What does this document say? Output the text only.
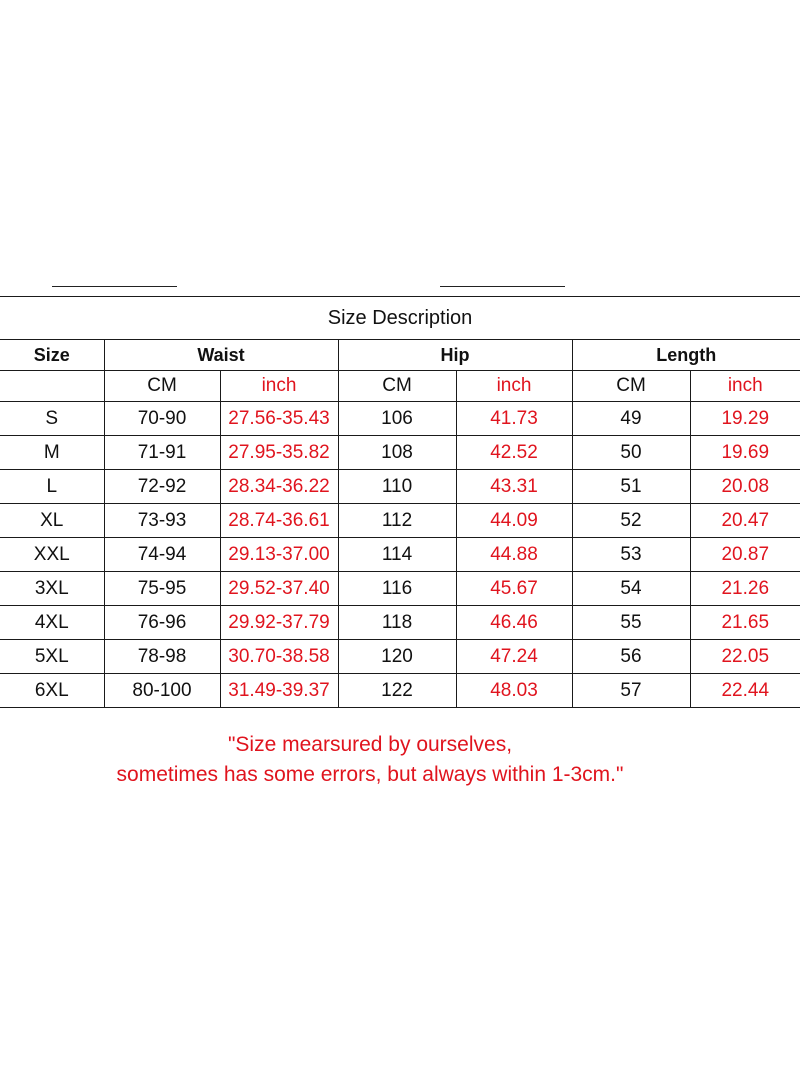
Size Description						
Size	Waist		Hip		Length	
	CM	inch	CM	inch	CM	inch
S	70-90	27.56-35.43	106	41.73	49	19.29
M	71-91	27.95-35.82	108	42.52	50	19.69
L	72-92	28.34-36.22	110	43.31	51	20.08
XL	73-93	28.74-36.61	112	44.09	52	20.47
XXL	74-94	29.13-37.00	114	44.88	53	20.87
3XL	75-95	29.52-37.40	116	45.67	54	21.26
4XL	76-96	29.92-37.79	118	46.46	55	21.65
5XL	78-98	30.70-38.58	120	47.24	56	22.05
6XL	80-100	31.49-39.37	122	48.03	57	22.44
"Size mearsured by ourselves,
sometimes has some errors, but always within 1-3cm."
